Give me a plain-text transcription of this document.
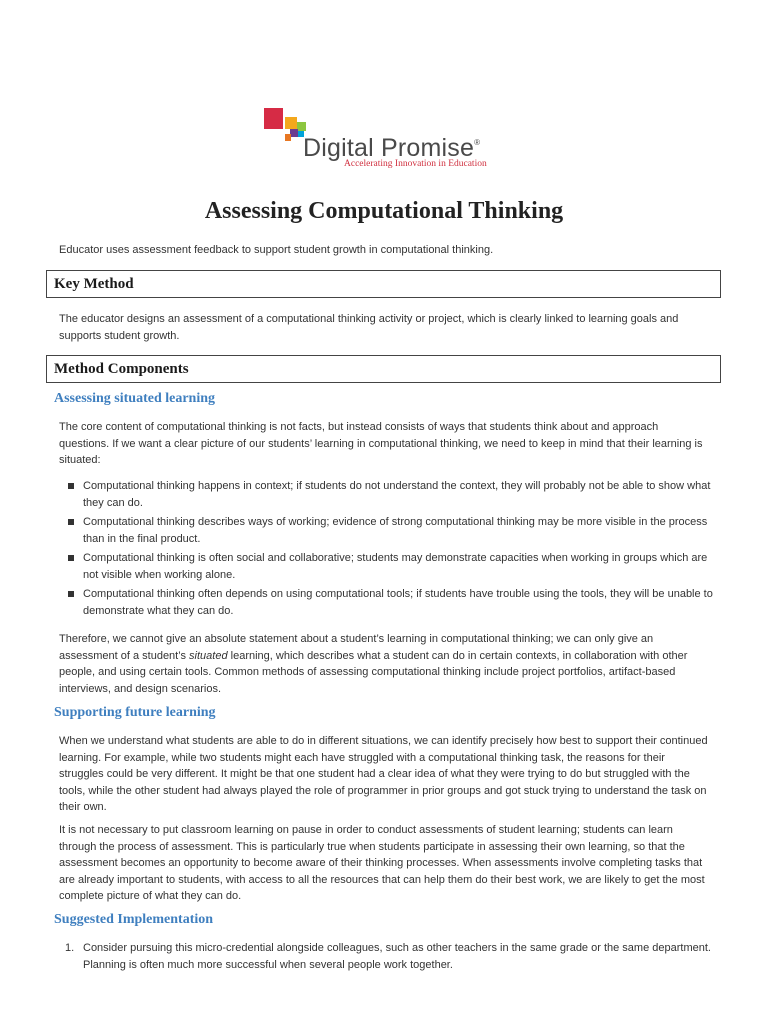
Digital Promise®
Accelerating Innovation in Education
Assessing Computational Thinking

Educator uses assessment feedback to support student growth in computational thinking.

Key Method

The educator designs an assessment of a computational thinking activity or project, which is clearly linked to learning goals and supports student growth.

Method Components
Assessing situated learning

The core content of computational thinking is not facts, but instead consists of ways that students think about and approach questions. If we want a clear picture of our students’ learning in computational thinking, we need to keep in mind that their learning is situated:

Computational thinking happens in context; if students do not understand the context, they will probably not be able to show what they can do.
Computational thinking describes ways of working; evidence of strong computational thinking may be more visible in the process than in the final product.
Computational thinking is often social and collaborative; students may demonstrate capacities when working in groups which are not visible when working alone.
Computational thinking often depends on using computational tools; if students have trouble using the tools, they will be unable to demonstrate what they can do.

Therefore, we cannot give an absolute statement about a student’s learning in computational thinking; we can only give an assessment of a student’s situated learning, which describes what a student can do in certain contexts, in collaboration with other people, and using certain tools. Common methods of assessing computational thinking include project portfolios, artifact-based interviews, and design scenarios.

Supporting future learning

When we understand what students are able to do in different situations, we can identify precisely how best to support their continued learning. For example, while two students might each have struggled with a computational thinking task, the reasons for their struggles could be very different. It might be that one student had a clear idea of what they were trying to do but struggled with the tools, while the other student had always played the role of programmer in prior groups and got stuck trying to understand the task on their own.

It is not necessary to put classroom learning on pause in order to conduct assessments of student learning; students can learn through the process of assessment. This is particularly true when students participate in assessing their own learning, so that the assessment becomes an opportunity to become aware of their thinking processes. When assessments involve completing tasks that are already important to students, with access to all the resources that can help them do their best work, we are likely to get the most complete picture of what they can do.

Suggested Implementation
1. Consider pursuing this micro-credential alongside colleagues, such as other teachers in the same grade or the same department. Planning is often much more successful when several people work together.
